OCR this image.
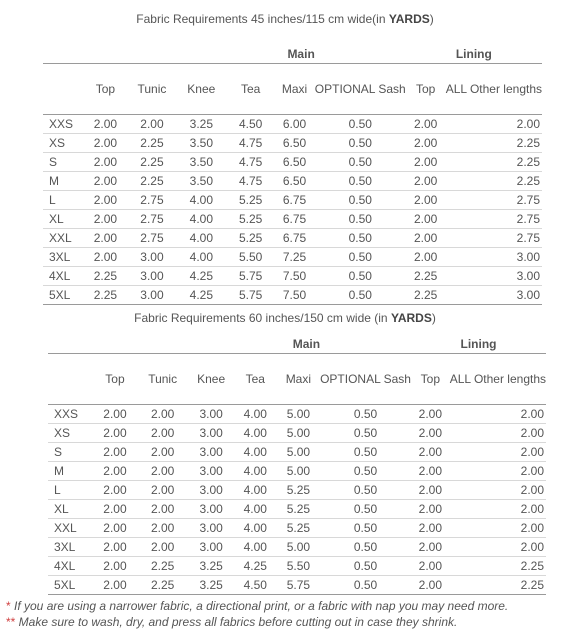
Fabric Requirements 45 inches/115 cm wide(in YARDS)
Main							Lining	
	Top	Tunic	Knee	Tea	Maxi	OPTIONAL Sash	Top	ALL Other lengths
XXS	2.00	2.00	3.25	4.50	6.00	0.50	2.00	2.00
XS	2.00	2.25	3.50	4.75	6.50	0.50	2.00	2.25
S	2.00	2.25	3.50	4.75	6.50	0.50	2.00	2.25
M	2.00	2.25	3.50	4.75	6.50	0.50	2.00	2.25
L	2.00	2.75	4.00	5.25	6.75	0.50	2.00	2.75
XL	2.00	2.75	4.00	5.25	6.75	0.50	2.00	2.75
XXL	2.00	2.75	4.00	5.25	6.75	0.50	2.00	2.75
3XL	2.00	3.00	4.00	5.50	7.25	0.50	2.00	3.00
4XL	2.25	3.00	4.25	5.75	7.50	0.50	2.25	3.00
5XL	2.25	3.00	4.25	5.75	7.50	0.50	2.25	3.00
Fabric Requirements 60 inches/150 cm wide (in YARDS)
Main							Lining	
	Top	Tunic	Knee	Tea	Maxi	OPTIONAL Sash	Top	ALL Other lengths
XXS	2.00	2.00	3.00	4.00	5.00	0.50	2.00	2.00
XS	2.00	2.00	3.00	4.00	5.00	0.50	2.00	2.00
S	2.00	2.00	3.00	4.00	5.00	0.50	2.00	2.00
M	2.00	2.00	3.00	4.00	5.00	0.50	2.00	2.00
L	2.00	2.00	3.00	4.00	5.25	0.50	2.00	2.00
XL	2.00	2.00	3.00	4.00	5.25	0.50	2.00	2.00
XXL	2.00	2.00	3.00	4.00	5.25	0.50	2.00	2.00
3XL	2.00	2.00	3.00	4.00	5.00	0.50	2.00	2.00
4XL	2.00	2.25	3.25	4.25	5.50	0.50	2.00	2.25
5XL	2.00	2.25	3.25	4.50	5.75	0.50	2.00	2.25
* If you are using a narrower fabric, a directional print, or a fabric with nap you may need more.
** Make sure to wash, dry, and press all fabrics before cutting out in case they shrink.
